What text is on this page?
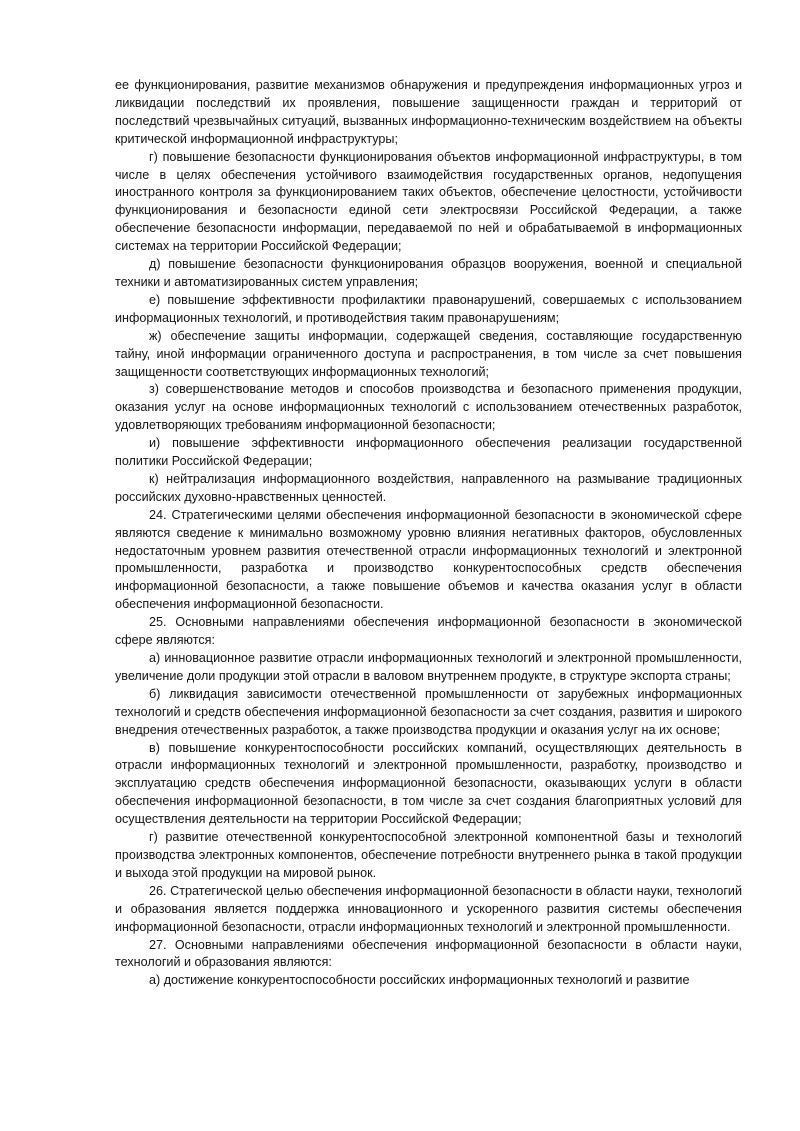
ее функционирования, развитие механизмов обнаружения и предупреждения информационных угроз и ликвидации последствий их проявления, повышение защищенности граждан и территорий от последствий чрезвычайных ситуаций, вызванных информационно-техническим воздействием на объекты критической информационной инфраструктуры;

г) повышение безопасности функционирования объектов информационной инфраструктуры, в том числе в целях обеспечения устойчивого взаимодействия государственных органов, недопущения иностранного контроля за функционированием таких объектов, обеспечение целостности, устойчивости функционирования и безопасности единой сети электросвязи Российской Федерации, а также обеспечение безопасности информации, передаваемой по ней и обрабатываемой в информационных системах на территории Российской Федерации;

д) повышение безопасности функционирования образцов вооружения, военной и специальной техники и автоматизированных систем управления;

е) повышение эффективности профилактики правонарушений, совершаемых с использованием информационных технологий, и противодействия таким правонарушениям;

ж) обеспечение защиты информации, содержащей сведения, составляющие государственную тайну, иной информации ограниченного доступа и распространения, в том числе за счет повышения защищенности соответствующих информационных технологий;

з) совершенствование методов и способов производства и безопасного применения продукции, оказания услуг на основе информационных технологий с использованием отечественных разработок, удовлетворяющих требованиям информационной безопасности;

и) повышение эффективности информационного обеспечения реализации государственной политики Российской Федерации;

к) нейтрализация информационного воздействия, направленного на размывание традиционных российских духовно-нравственных ценностей.

24. Стратегическими целями обеспечения информационной безопасности в экономической сфере являются сведение к минимально возможному уровню влияния негативных факторов, обусловленных недостаточным уровнем развития отечественной отрасли информационных технологий и электронной промышленности, разработка и производство конкурентоспособных средств обеспечения информационной безопасности, а также повышение объемов и качества оказания услуг в области обеспечения информационной безопасности.

25. Основными направлениями обеспечения информационной безопасности в экономической сфере являются:

а) инновационное развитие отрасли информационных технологий и электронной промышленности, увеличение доли продукции этой отрасли в валовом внутреннем продукте, в структуре экспорта страны;

б) ликвидация зависимости отечественной промышленности от зарубежных информационных технологий и средств обеспечения информационной безопасности за счет создания, развития и широкого внедрения отечественных разработок, а также производства продукции и оказания услуг на их основе;

в) повышение конкурентоспособности российских компаний, осуществляющих деятельность в отрасли информационных технологий и электронной промышленности, разработку, производство и эксплуатацию средств обеспечения информационной безопасности, оказывающих услуги в области обеспечения информационной безопасности, в том числе за счет создания благоприятных условий для осуществления деятельности на территории Российской Федерации;

г) развитие отечественной конкурентоспособной электронной компонентной базы и технологий производства электронных компонентов, обеспечение потребности внутреннего рынка в такой продукции и выхода этой продукции на мировой рынок.

26. Стратегической целью обеспечения информационной безопасности в области науки, технологий и образования является поддержка инновационного и ускоренного развития системы обеспечения информационной безопасности, отрасли информационных технологий и электронной промышленности.

27. Основными направлениями обеспечения информационной безопасности в области науки, технологий и образования являются:

а) достижение конкурентоспособности российских информационных технологий и развитие
